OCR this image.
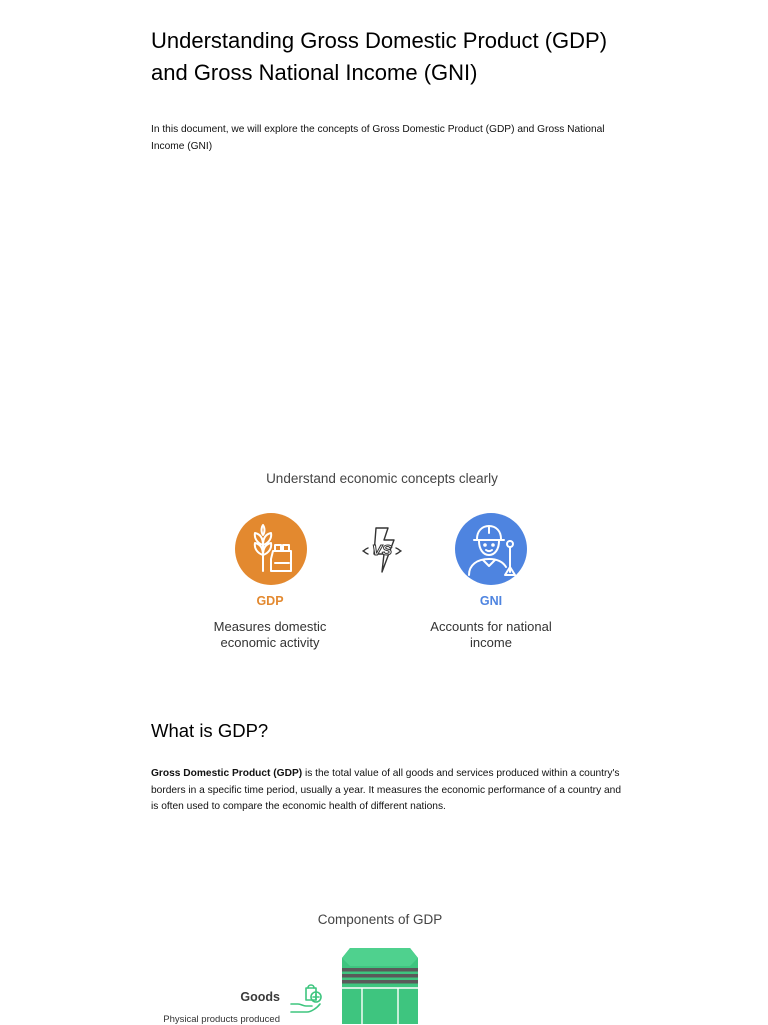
Understanding Gross Domestic Product (GDP) and Gross National Income (GNI)

In this document, we will explore the concepts of Gross Domestic Product (GDP) and Gross National Income (GNI)

Understand economic concepts clearly
VS
GDP
Measures domestic economic activity
GNI
Accounts for national income
What is GDP?

Gross Domestic Product (GDP) is the total value of all goods and services produced within a country's borders in a specific time period, usually a year. It measures the economic performance of a country and is often used to compare the economic health of different nations.

Components of GDP
Goods
Physical products produced
